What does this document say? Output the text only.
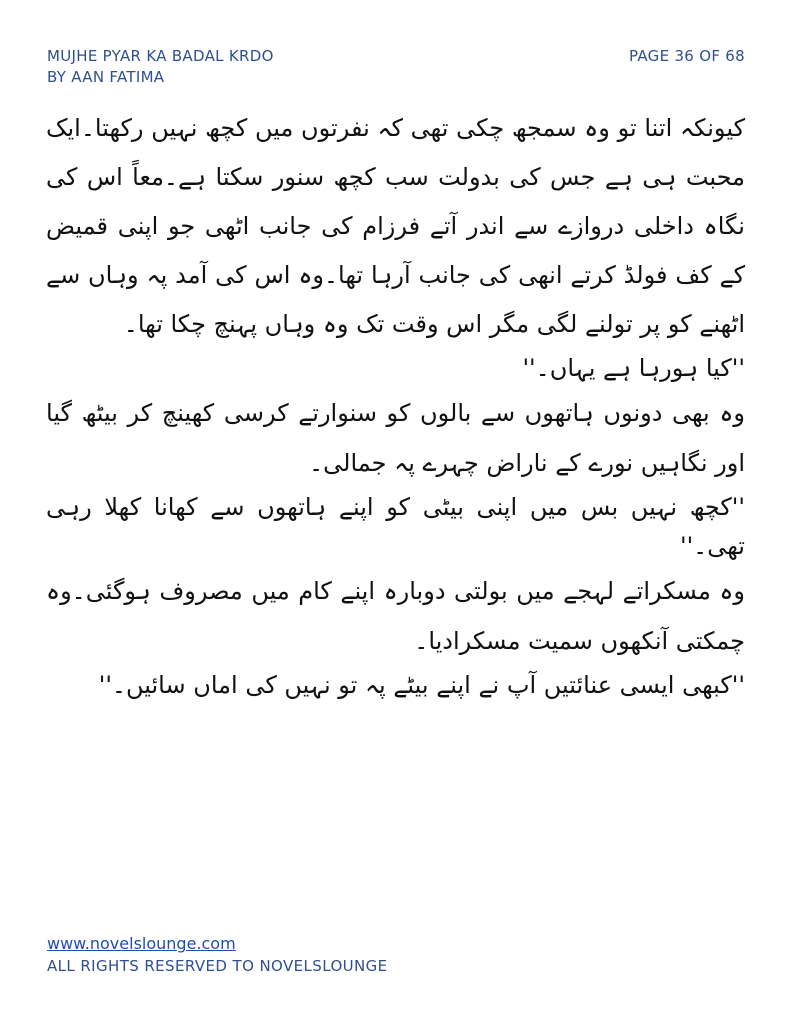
MUJHE PYAR KA BADAL KRDO
BY AAN FATIMA
PAGE 36 OF 68

کیونکہ اتنا تو وہ سمجھ چکی تھی کہ نفرتوں میں کچھ نہیں رکھتا۔ایک محبت ہی ہے جس کی بدولت سب کچھ سنور سکتا ہے۔معاً اس کی نگاہ داخلی دروازے سے اندر آتے فرزام کی جانب اٹھی جو اپنی قمیض کے کف فولڈ کرتے انھی کی جانب آرہا تھا۔وہ اس کی آمد پہ وہاں سے اٹھنے کو پر تولنے لگی مگر اس وقت تک وہ وہاں پہنچ چکا تھا۔

''کیا ہورہا ہے یہاں۔''

وہ بھی دونوں ہاتھوں سے بالوں کو سنوارتے کرسی کھینچ کر بیٹھ گیا اور نگاہیں نورے کے ناراض چہرے پہ جمالی۔

''کچھ نہیں بس میں اپنی بیٹی کو اپنے ہاتھوں سے کھانا کھلا رہی تھی۔''

وہ مسکراتے لہجے میں بولتی دوبارہ اپنے کام میں مصروف ہوگئی۔وہ چمکتی آنکھوں سمیت مسکرادیا۔

''کبھی ایسی عنائتیں آپ نے اپنے بیٹے پہ تو نہیں کی اماں سائیں۔''

www.novelslounge.com
ALL RIGHTS RESERVED TO NOVELSLOUNGE
